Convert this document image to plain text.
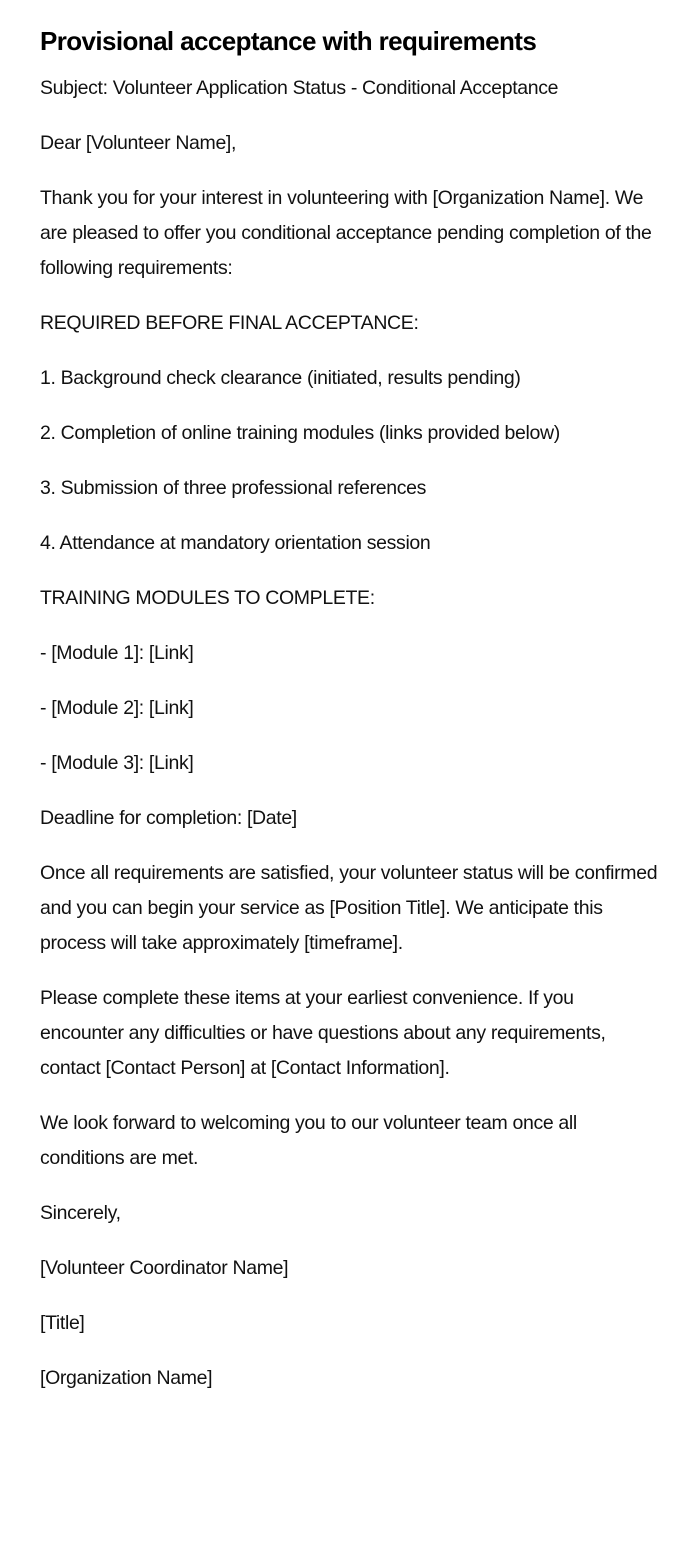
Provisional acceptance with requirements

Subject: Volunteer Application Status - Conditional Acceptance

Dear [Volunteer Name],

Thank you for your interest in volunteering with [Organization Name]. We are pleased to offer you conditional acceptance pending completion of the following requirements:

REQUIRED BEFORE FINAL ACCEPTANCE:

1. Background check clearance (initiated, results pending)

2. Completion of online training modules (links provided below)

3. Submission of three professional references

4. Attendance at mandatory orientation session

TRAINING MODULES TO COMPLETE:

- [Module 1]: [Link]

- [Module 2]: [Link]

- [Module 3]: [Link]

Deadline for completion: [Date]

Once all requirements are satisfied, your volunteer status will be confirmed and you can begin your service as [Position Title]. We anticipate this process will take approximately [timeframe].

Please complete these items at your earliest convenience. If you encounter any difficulties or have questions about any requirements, contact [Contact Person] at [Contact Information].

We look forward to welcoming you to our volunteer team once all conditions are met.

Sincerely,

[Volunteer Coordinator Name]

[Title]

[Organization Name]
